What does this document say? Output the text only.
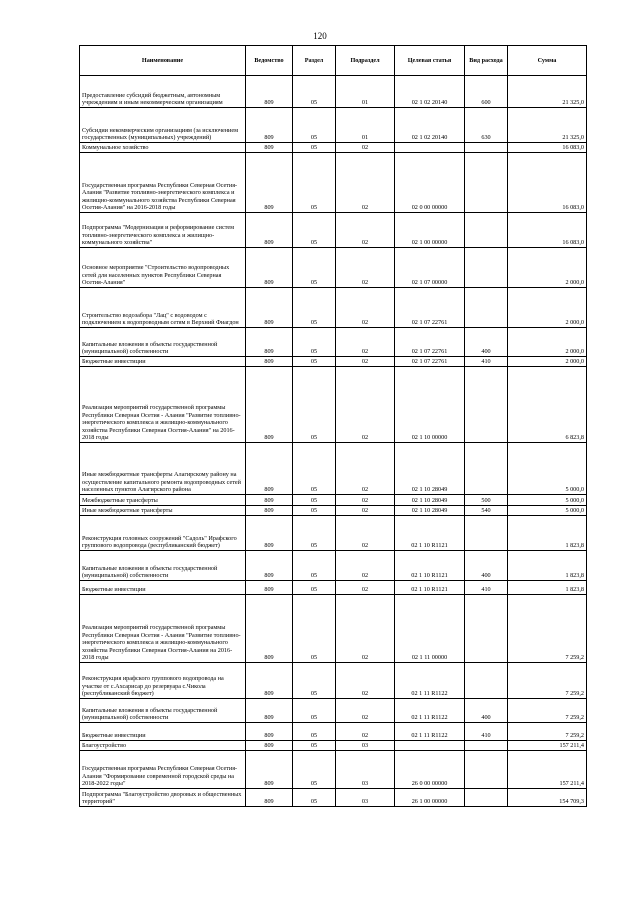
120
Наименование	Ведомство	Раздел	Подраздел	Целевая статья	Вид расхода	Сумма
Предоставление субсидий бюджетным, автономным учреждениям и иным некоммерческим организациям	809	05	01	02 1 02 20140	600	21 325,0
Субсидии некоммерческим организациям (за исключением государственных (муниципальных) учреждений)	809	05	01	02 1 02 20140	630	21 325,0
Коммунальное хозяйство	809	05	02			16 083,0
Государственная программа Республики Северная Осетия-Алания "Развитие топливно-энергетического комплекса и жилищно-коммунального хозяйства Республики Северная Осетия-Алания" на 2016-2018 годы	809	05	02	02 0 00 00000		16 083,0
Подпрограмма "Модернизация и реформирование систем топливно-энергетического комплекса и жилищно-коммунального хозяйства"	809	05	02	02 1 00 00000		16 083,0
Основное мероприятие "Строительство водопроводных сетей для населенных пунктов Республики Северная Осетия-Алания"	809	05	02	02 1 07 00000		2 000,0
Строительство водозабора "Лац" с водоводом с подключением к водопроводным сетям в Верхний Фиагдон	809	05	02	02 1 07 22761		2 000,0
Капитальные вложения в объекты государственной (муниципальной) собственности	809	05	02	02 1 07 22761	400	2 000,0
Бюджетные инвестиции	809	05	02	02 1 07 22761	410	2 000,0
Реализация мероприятий государственной программы Республики Северная Осетия - Алания "Развитие топливно-энергетического комплекса и жилищно-коммунального хозяйства Республики Северная Осетия-Алания" на 2016-2018 годы	809	05	02	02 1 10 00000		6 823,8
Иные межбюджетные трансферты Алагирскому району на осуществление капитального ремонта водопроводных сетей населенных пунктов Алагирского района	809	05	02	02 1 10 28049		5 000,0
Межбюджетные трансферты	809	05	02	02 1 10 28049	500	5 000,0
Иные межбюджетные трансферты	809	05	02	02 1 10 28049	540	5 000,0
Реконструкция головных сооружений "Садоль" Ирафского группового водопровода (республиканский бюджет)	809	05	02	02 1 10 R1121		1 823,8
Капитальные вложения в объекты государственной (муниципальной) собственности	809	05	02	02 1 10 R1121	400	1 823,8
Бюджетные инвестиции	809	05	02	02 1 10 R1121	410	1 823,8
Реализация мероприятий государственной программы Республики Северная Осетия - Алания "Развитие топливно-энергетического комплекса и жилищно-коммунального хозяйства Республики Северная Осетия-Алания на 2016-2018 годы	809	05	02	02 1 11 00000		7 259,2
Реконструкция ирафского группового водопровода на участке от с.Ахсарисар до резервуара с.Чикола (республиканский бюджет)	809	05	02	02 1 11 R1122		7 259,2
Капитальные вложения в объекты государственной (муниципальной) собственности	809	05	02	02 1 11 R1122	400	7 259,2
Бюджетные инвестиции	809	05	02	02 1 11 R1122	410	7 259,2
Благоустройство	809	05	03			157 211,4
Государственная программа Республики Северная Осетия-Алания "Формирование современной городской среды на 2018-2022 годы"	809	05	03	26 0 00 00000		157 211,4
Подпрограмма "Благоустройство дворовых и общественных территорий"	809	05	03	26 1 00 00000		154 709,3
